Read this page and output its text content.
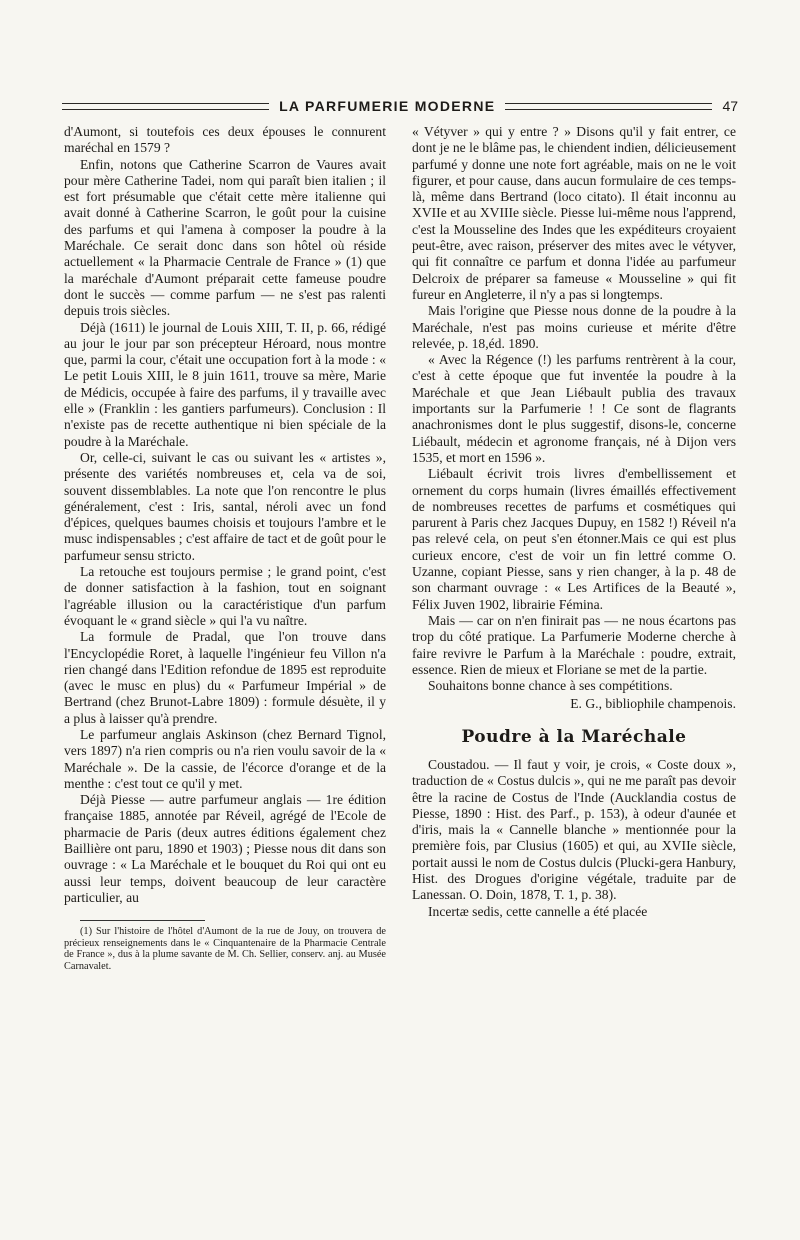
LA PARFUMERIE MODERNE	47

d'Aumont, si toutefois ces deux épouses le connurent maréchal en 1579 ?

Enfin, notons que Catherine Scarron de Vaures avait pour mère Catherine Tadei, nom qui paraît bien italien ; il est fort présumable que c'était cette mère italienne qui avait donné à Catherine Scarron, le goût pour la cuisine des parfums et qui l'amena à composer la poudre à la Maréchale. Ce serait donc dans son hôtel où réside actuellement « la Pharmacie Centrale de France » (1) que la maréchale d'Aumont préparait cette fameuse poudre dont le succès — comme parfum — ne s'est pas ralenti depuis trois siècles.

Déjà (1611) le journal de Louis XIII, T. II, p. 66, rédigé au jour le jour par son précepteur Héroard, nous montre que, parmi la cour, c'était une occupation fort à la mode : « Le petit Louis XIII, le 8 juin 1611, trouve sa mère, Marie de Médicis, occupée à faire des parfums, il y travaille avec elle » (Franklin : les gantiers parfumeurs). Conclusion : Il n'existe pas de recette authentique ni bien spéciale de la poudre à la Maréchale.

Or, celle-ci, suivant le cas ou suivant les « artistes », présente des variétés nombreuses et, cela va de soi, souvent dissemblables. La note que l'on rencontre le plus généralement, c'est : Iris, santal, néroli avec un fond d'épices, quelques baumes choisis et toujours l'ambre et le musc indispensables ; c'est affaire de tact et de goût pour le parfumeur sensu stricto.

La retouche est toujours permise ; le grand point, c'est de donner satisfaction à la fashion, tout en soignant l'agréable illusion ou la caractéristique d'un parfum évoquant le « grand siècle » qui l'a vu naître.

La formule de Pradal, que l'on trouve dans l'Encyclopédie Roret, à laquelle l'ingénieur feu Villon n'a rien changé dans l'Edition refondue de 1895 est reproduite (avec le musc en plus) du « Parfumeur Impérial » de Bertrand (chez Brunot-Labre 1809) : formule désuète, il y a plus à laisser qu'à prendre.

Le parfumeur anglais Askinson (chez Bernard Tignol, vers 1897) n'a rien compris ou n'a rien voulu savoir de la « Maréchale ». De la cassie, de l'écorce d'orange et de la menthe : c'est tout ce qu'il y met.

Déjà Piesse — autre parfumeur anglais — 1re édition française 1885, annotée par Réveil, agrégé de l'Ecole de pharmacie de Paris (deux autres éditions également chez Baillière ont paru, 1890 et 1903) ; Piesse nous dit dans son ouvrage : « La Maréchale et le bouquet du Roi qui ont eu aussi leur temps, doivent beaucoup de leur caractère particulier, au

(1) Sur l'histoire de l'hôtel d'Aumont de la rue de Jouy, on trouvera de précieux renseignements dans le « Cinquantenaire de la Pharmacie Centrale de France », dus à la plume savante de M. Ch. Sellier, conserv. anj. au Musée Carnavalet.

« Vétyver » qui y entre ? » Disons qu'il y fait entrer, ce dont je ne le blâme pas, le chiendent indien, délicieusement parfumé y donne une note fort agréable, mais on ne le voit figurer, et pour cause, dans aucun formulaire de ces temps-là, même dans Bertrand (loco citato). Il était inconnu au XVIIe et au XVIIIe siècle. Piesse lui-même nous l'apprend, c'est la Mousseline des Indes que les expéditeurs croyaient peut-être, avec raison, préserver des mites avec le vétyver, qui fit connaître ce parfum et donna l'idée au parfumeur Delcroix de préparer sa fameuse « Mousseline » qui fit fureur en Angleterre, il n'y a pas si longtemps.

Mais l'origine que Piesse nous donne de la poudre à la Maréchale, n'est pas moins curieuse et mérite d'être relevée, p. 18,éd. 1890.

« Avec la Régence (!) les parfums rentrèrent à la cour, c'est à cette époque que fut inventée la poudre à la Maréchale et que Jean Liébault publia des travaux importants sur la Parfumerie ! ! Ce sont de flagrants anachronismes dont le plus suggestif, disons-le, concerne Liébault, médecin et agronome français, né à Dijon vers 1535, et mort en 1596 ».

Liébault écrivit trois livres d'embellissement et ornement du corps humain (livres émaillés effectivement de nombreuses recettes de parfums et cosmétiques qui parurent à Paris chez Jacques Dupuy, en 1582 !) Réveil n'a pas relevé cela, on peut s'en étonner.Mais ce qui est plus curieux encore, c'est de voir un fin lettré comme O. Uzanne, copiant Piesse, sans y rien changer, à la p. 48 de son charmant ouvrage : « Les Artifices de la Beauté », Félix Juven 1902, librairie Fémina.

Mais — car on n'en finirait pas — ne nous écartons pas trop du côté pratique. La Parfumerie Moderne cherche à faire revivre le Parfum à la Maréchale : poudre, extrait, essence. Rien de mieux et Floriane se met de la partie.

Souhaitons bonne chance à ses compétitions.

E. G., bibliophile champenois.

Poudre à la Maréchale

Coustadou. — Il faut y voir, je crois, « Coste doux », traduction de « Costus dulcis », qui ne me paraît pas devoir être la racine de Costus de l'Inde (Aucklandia costus de Piesse, 1890 : Hist. des Parf., p. 153), à odeur d'aunée et d'iris, mais la « Cannelle blanche » mentionnée pour la première fois, par Clusius (1605) et qui, au XVIIe siècle, portait aussi le nom de Costus dulcis (Plucki-gera Hanbury, Hist. des Drogues d'origine végétale, traduite par de Lanessan. O. Doin, 1878, T. 1, p. 38).

Incertæ sedis, cette cannelle a été placée
